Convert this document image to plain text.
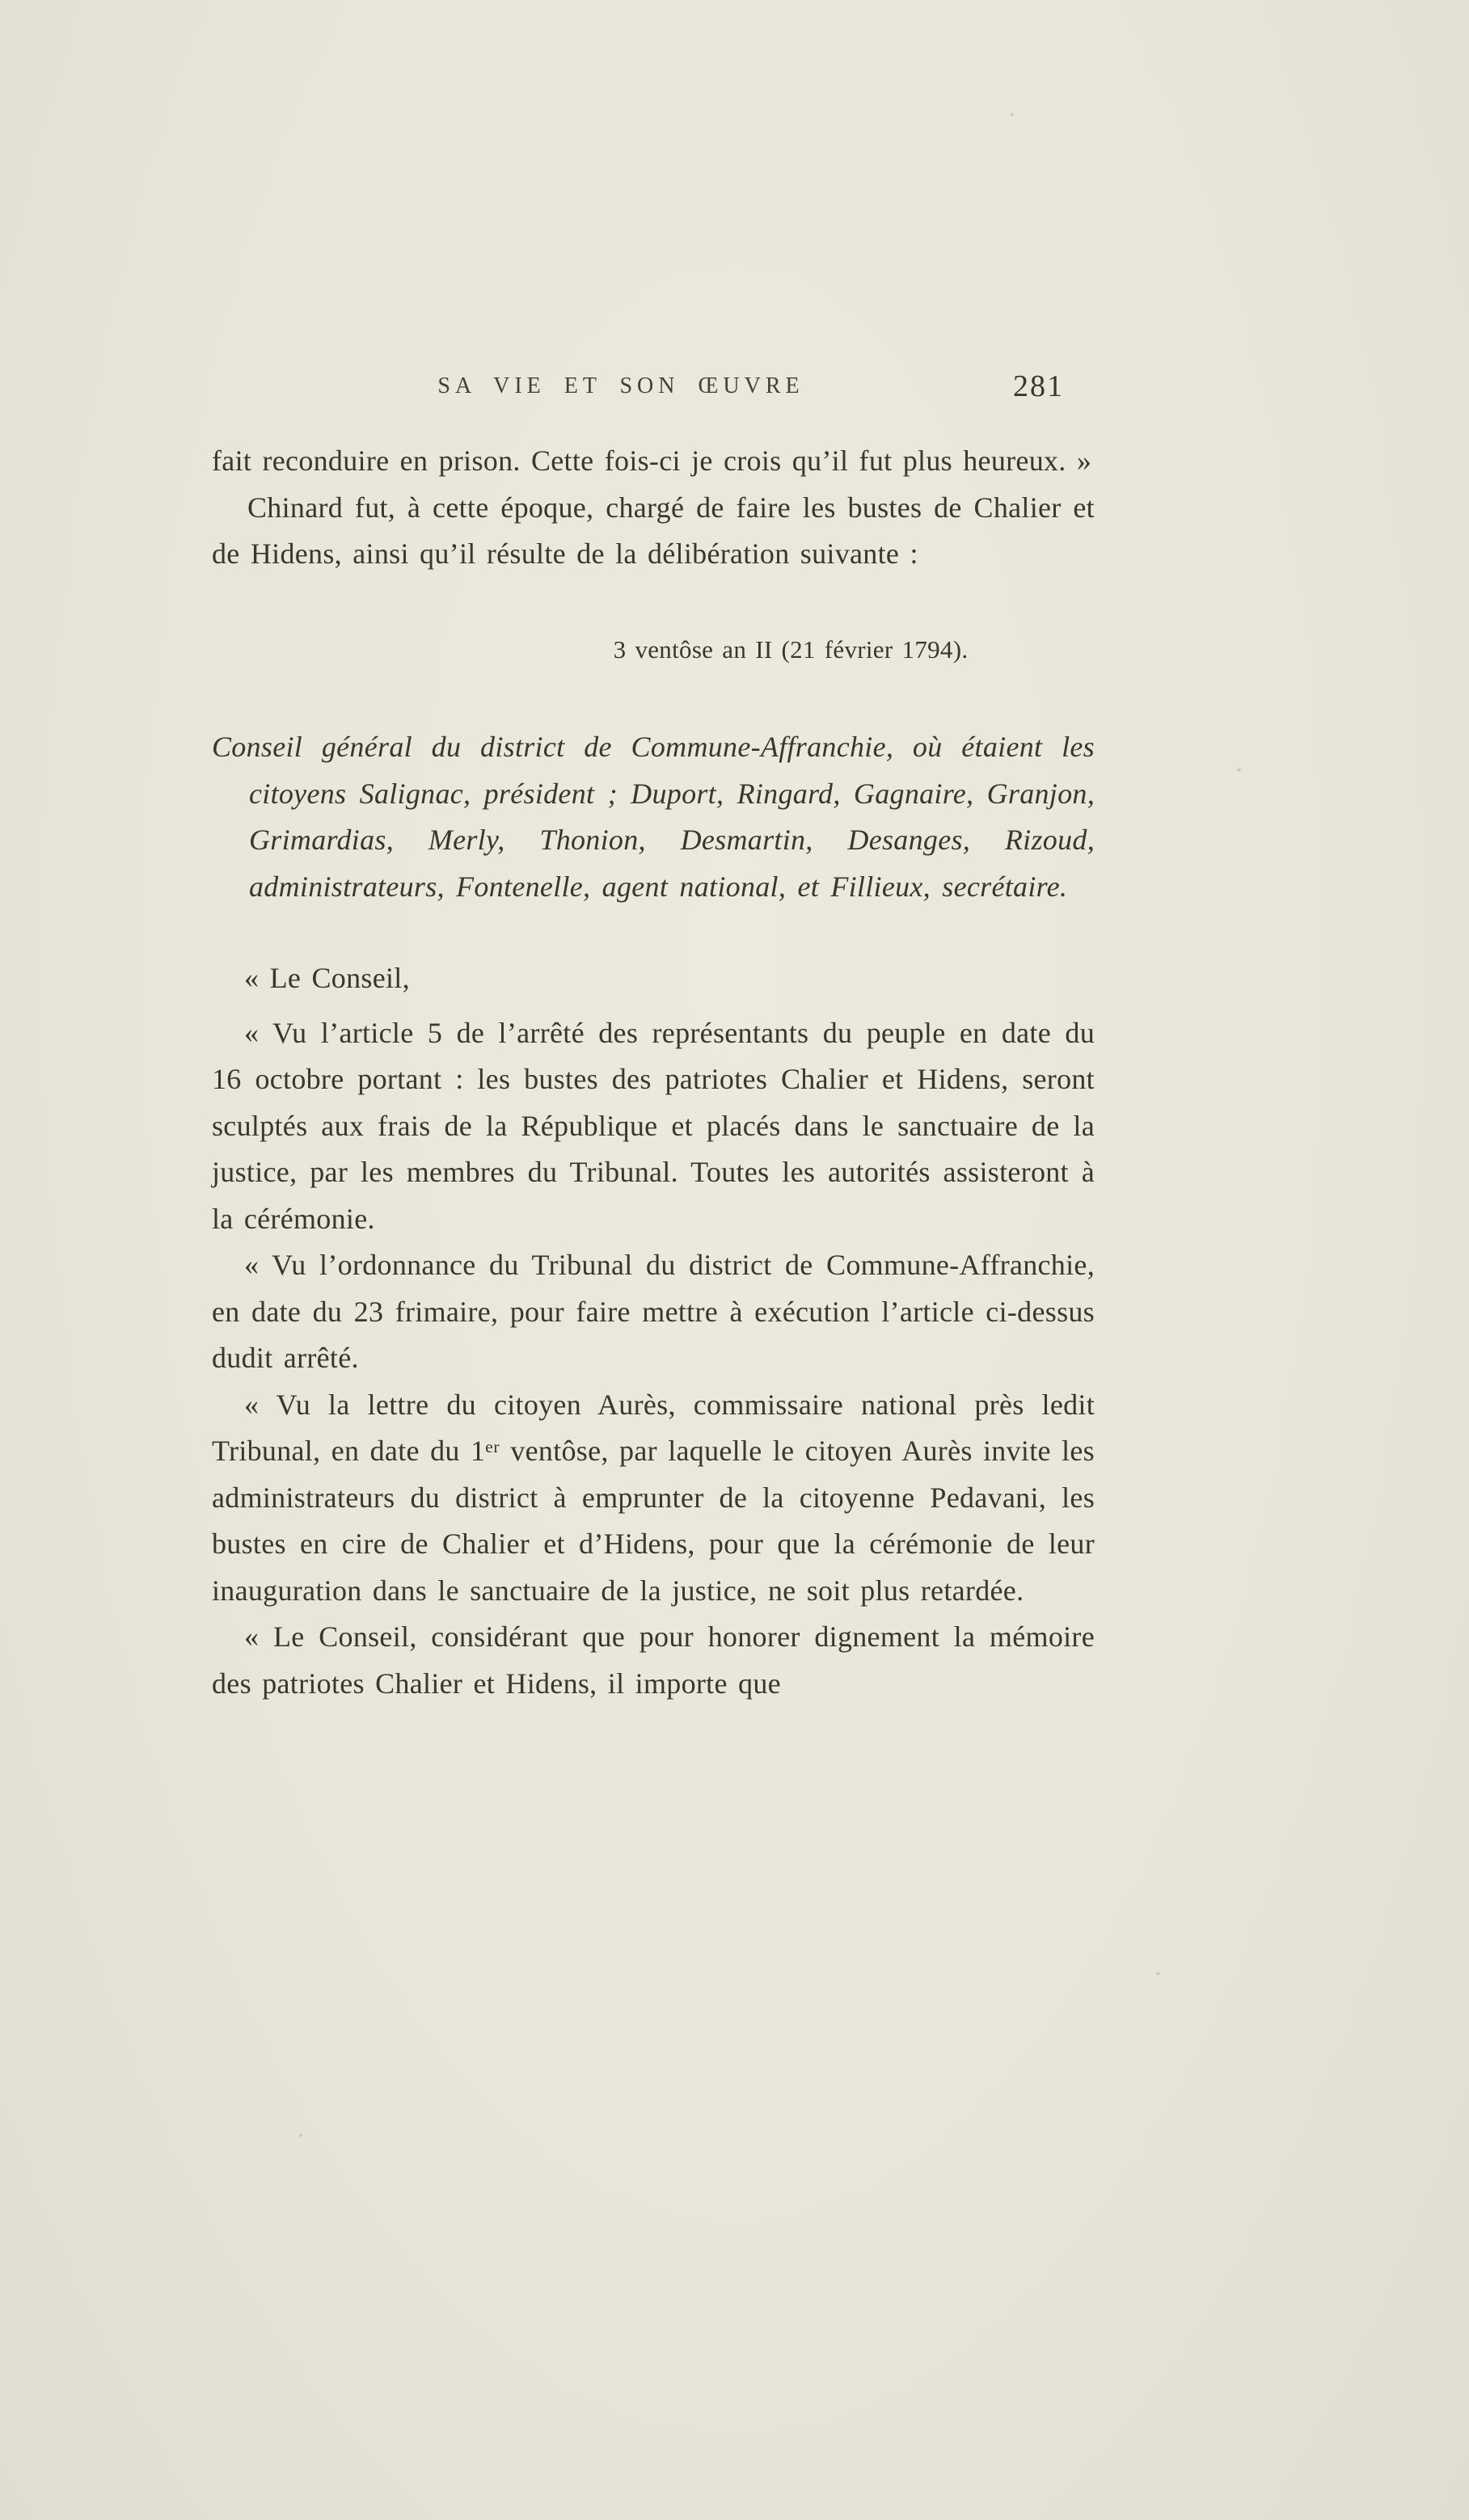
SA VIE ET SON ŒUVRE	281

fait reconduire en prison. Cette fois-ci je crois qu’il fut plus heureux. »

Chinard fut, à cette époque, chargé de faire les bustes de Chalier et de Hidens, ainsi qu’il résulte de la délibération suivante :

3 ventôse an II (21 février 1794).

Conseil général du district de Commune-Affranchie, où étaient les citoyens Salignac, président ; Duport, Ringard, Gagnaire, Granjon, Grimardias, Merly, Thonion, Desmartin, Desanges, Rizoud, administrateurs, Fontenelle, agent national, et Fillieux, secrétaire.

« Le Conseil,

« Vu l’article 5 de l’arrêté des représentants du peuple en date du 16 octobre portant : les bustes des patriotes Chalier et Hidens, seront sculptés aux frais de la République et placés dans le sanctuaire de la justice, par les membres du Tribunal. Toutes les autorités assisteront à la cérémonie.

« Vu l’ordonnance du Tribunal du district de Commune-Affranchie, en date du 23 frimaire, pour faire mettre à exécution l’article ci-dessus dudit arrêté.

« Vu la lettre du citoyen Aurès, commissaire national près ledit Tribunal, en date du 1ᵉʳ ventôse, par laquelle le citoyen Aurès invite les administrateurs du district à emprunter de la citoyenne Pedavani, les bustes en cire de Chalier et d’Hidens, pour que la cérémonie de leur inauguration dans le sanctuaire de la justice, ne soit plus retardée.

« Le Conseil, considérant que pour honorer dignement la mémoire des patriotes Chalier et Hidens, il importe que
